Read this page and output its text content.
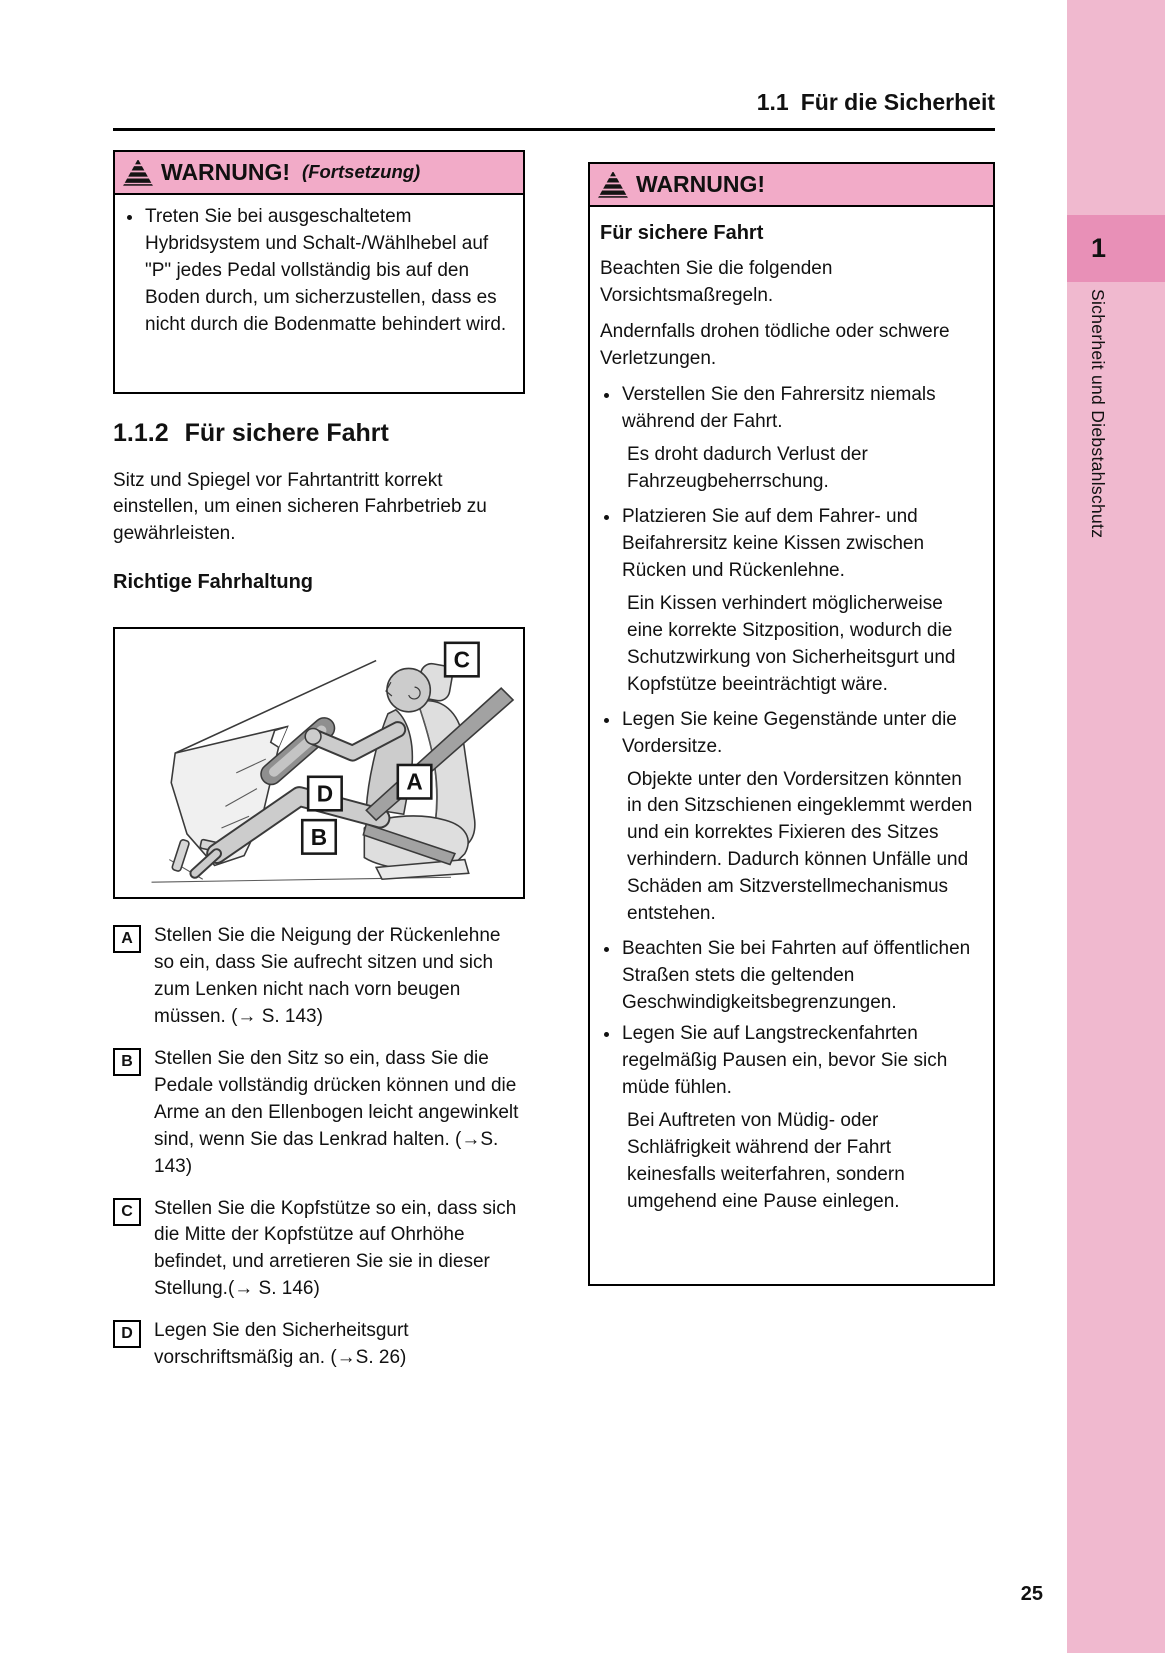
1.1 Für die Sicherheit
WARNUNG! (Fortsetzung)

Treten Sie bei ausgeschaltetem Hybridsystem und Schalt-/Wählhebel auf "P" jedes Pedal vollständig bis auf den Boden durch, um sicherzustellen, dass es nicht durch die Bodenmatte behindert wird.

1.1.2 Für sichere Fahrt

Sitz und Spiegel vor Fahrtantritt korrekt einstellen, um einen sicheren Fahrbetrieb zu gewährleisten.

Richtige Fahrhaltung
C
A
D
B
A	Stellen Sie die Neigung der Rückenlehne so ein, dass Sie aufrecht sitzen und sich zum Lenken nicht nach vorn beugen müssen. (→ S. 143)

B	Stellen Sie den Sitz so ein, dass Sie die Pedale vollständig drücken können und die Arme an den Ellenbogen leicht angewinkelt sind, wenn Sie das Lenkrad halten. (→S. 143)

C	Stellen Sie die Kopfstütze so ein, dass sich die Mitte der Kopfstütze auf Ohrhöhe befindet, und arretieren Sie sie in dieser Stellung.(→ S. 146)

D	Legen Sie den Sicherheitsgurt vorschriftsmäßig an. (→S. 26)

WARNUNG!
Für sichere Fahrt

Beachten Sie die folgenden Vorsichtsmaßregeln.

Andernfalls drohen tödliche oder schwere Verletzungen.

Verstellen Sie den Fahrersitz niemals während der Fahrt.

Es droht dadurch Verlust der Fahrzeugbeherrschung.

Platzieren Sie auf dem Fahrer- und Beifahrersitz keine Kissen zwischen Rücken und Rückenlehne.

Ein Kissen verhindert möglicherweise eine korrekte Sitzposition, wodurch die Schutzwirkung von Sicherheitsgurt und Kopfstütze beeinträchtigt wäre.

Legen Sie keine Gegenstände unter die Vordersitze.

Objekte unter den Vordersitzen könnten in den Sitzschienen eingeklemmt werden und ein korrektes Fixieren des Sitzes verhindern. Dadurch können Unfälle und Schäden am Sitzverstellmechanismus entstehen.

Beachten Sie bei Fahrten auf öffentlichen Straßen stets die geltenden Geschwindigkeitsbegrenzungen.

Legen Sie auf Langstreckenfahrten regelmäßig Pausen ein, bevor Sie sich müde fühlen.

Bei Auftreten von Müdig- oder Schläfrigkeit während der Fahrt keinesfalls weiterfahren, sondern umgehend eine Pause einlegen.

1
Sicherheit und Diebstahlschutz
25
